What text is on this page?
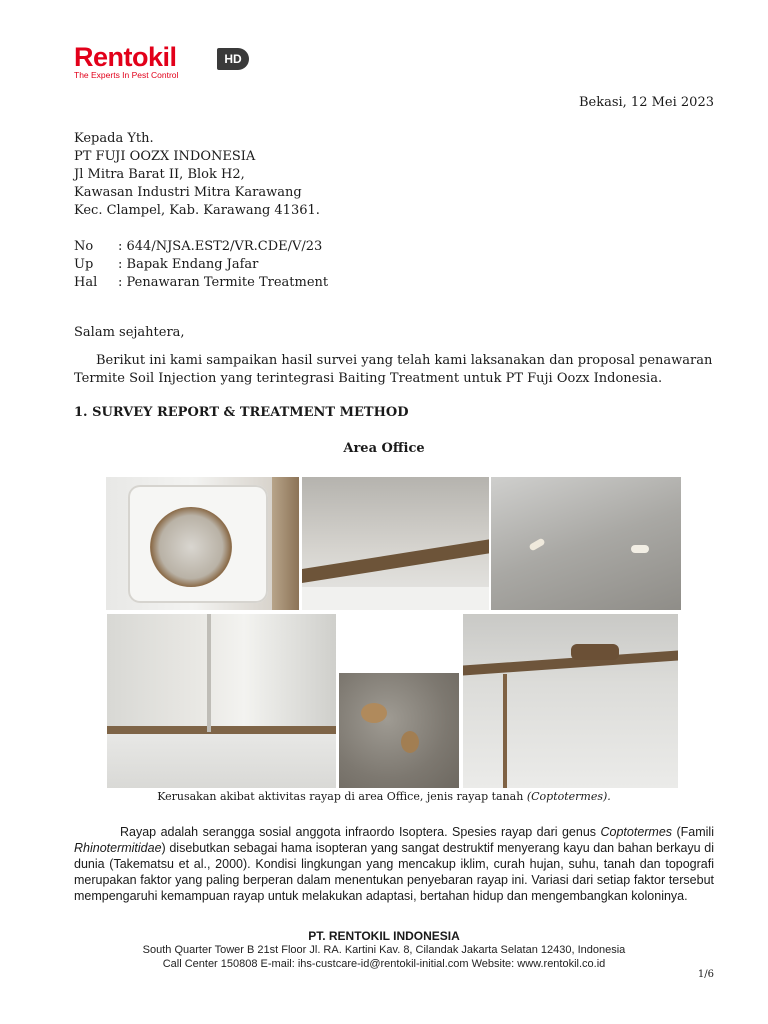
Rentokil
The Experts In Pest Control
HD
Bekasi, 12 Mei 2023
Kepada Yth.
PT FUJI OOZX INDONESIA
Jl Mitra Barat II, Blok H2,
Kawasan Industri Mitra Karawang
Kec. Clampel, Kab. Karawang 41361.
No : 644/NJSA.EST2/VR.CDE/V/23
Up : Bapak Endang Jafar
Hal : Penawaran Termite Treatment
Salam sejahtera,

Berikut ini kami sampaikan hasil survei yang telah kami laksanakan dan proposal penawaran Termite Soil Injection yang terintegrasi Baiting Treatment untuk PT Fuji Oozx Indonesia.

1. SURVEY REPORT & TREATMENT METHOD
Area Office
Kerusakan akibat aktivitas rayap di area Office, jenis rayap tanah (Coptotermes).
Rayap adalah serangga sosial anggota infraordo Isoptera. Spesies rayap dari genus Coptotermes (Famili Rhinotermitidae) disebutkan sebagai hama isopteran yang sangat destruktif menyerang kayu dan bahan berkayu di dunia (Takematsu et al., 2000). Kondisi lingkungan yang mencakup iklim, curah hujan, suhu, tanah dan topografi merupakan faktor yang paling berperan dalam menentukan penyebaran rayap ini. Variasi dari setiap faktor tersebut mempengaruhi kemampuan rayap untuk melakukan adaptasi, bertahan hidup dan mengembangkan koloninya.
PT. RENTOKIL INDONESIA
South Quarter Tower B 21st Floor Jl. RA. Kartini Kav. 8, Cilandak Jakarta Selatan 12430, Indonesia
Call Center 150808 E-mail: ihs-custcare-id@rentokil-initial.com Website: www.rentokil.co.id
1/6
